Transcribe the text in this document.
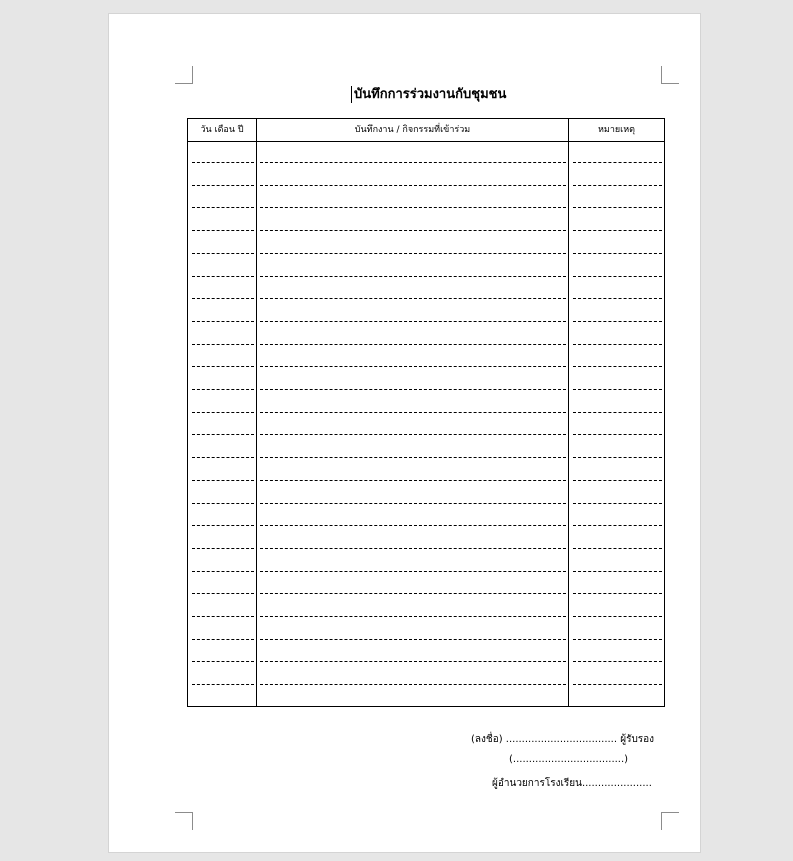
บันทึกการร่วมงานกับชุมชน
วัน เดือน ปี	บันทึกงาน / กิจกรรมที่เข้าร่วม	หมายเหตุ
(ลงชื่อ) ................................... ผู้รับรอง
(...................................)
ผู้อำนวยการโรงเรียน......................
